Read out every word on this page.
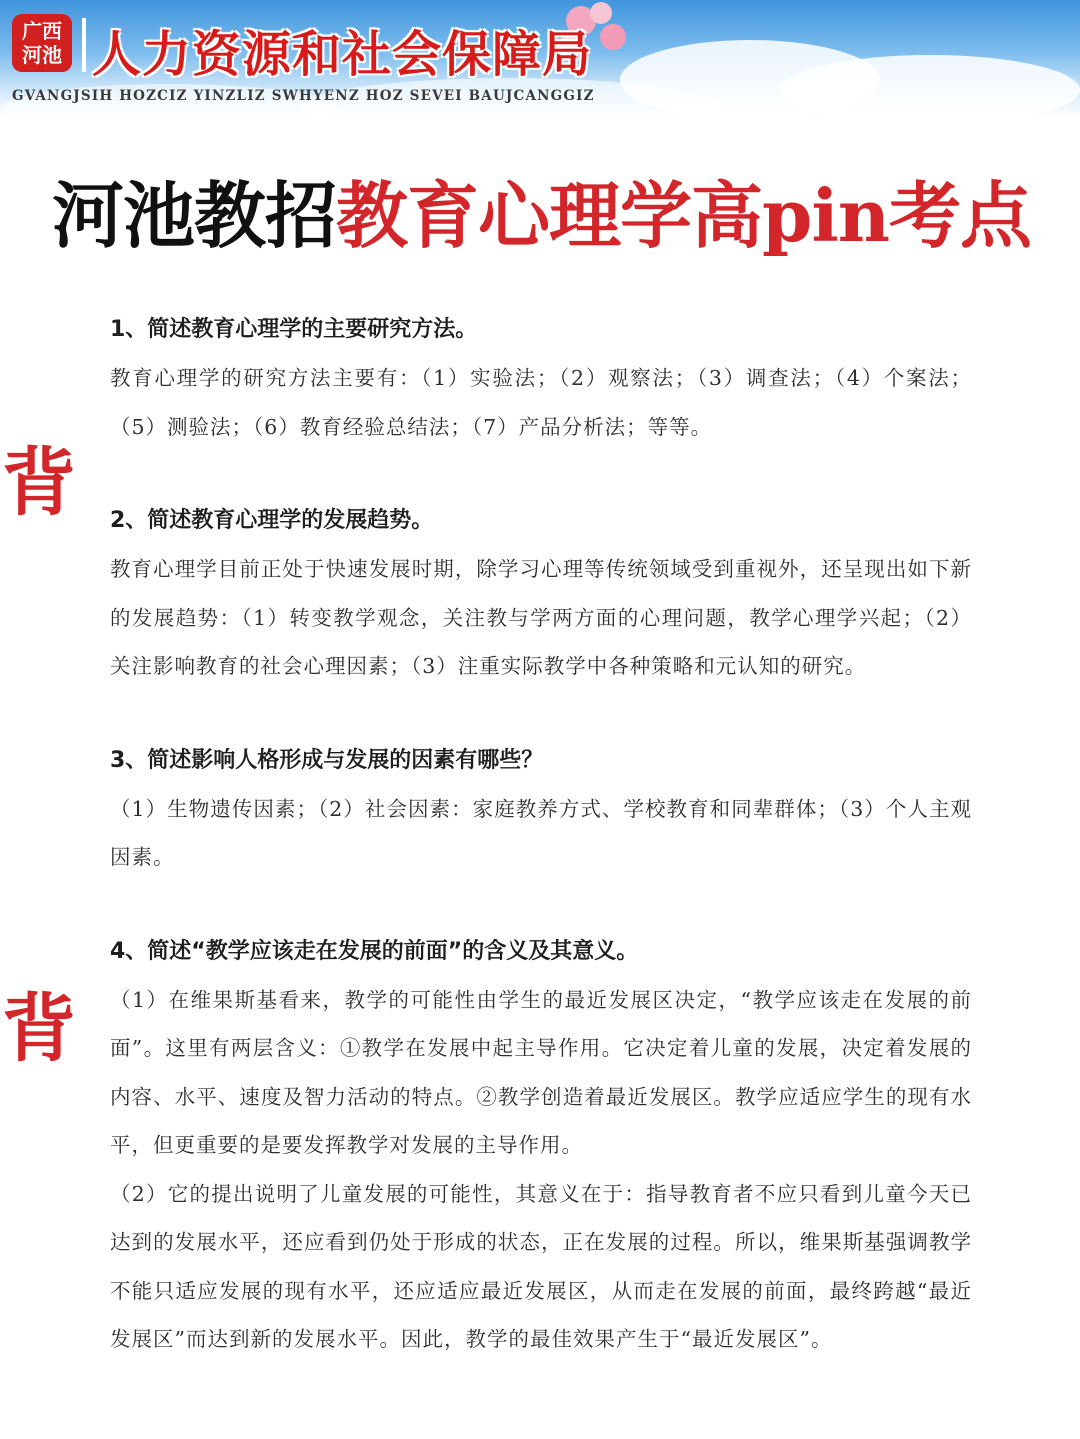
广西
河池 人力资源和社会保障局
GVANGJSIH HOZCIZ YINZLIZ SWHYENZ HOZ SEVEI BAUJCANGGIZ
河池教招教育心理学高pin考点
背
背

1、简述教育心理学的主要研究方法。

教育心理学的研究方法主要有：（1）实验法；（2）观察法；（3）调查法；（4）个案法；（5）测验法；（6）教育经验总结法；（7）产品分析法；等等。

2、简述教育心理学的发展趋势。

教育心理学目前正处于快速发展时期，除学习心理等传统领域受到重视外，还呈现出如下新的发展趋势：（1）转变教学观念，关注教与学两方面的心理问题，教学心理学兴起；（2）关注影响教育的社会心理因素；（3）注重实际教学中各种策略和元认知的研究。

3、简述影响人格形成与发展的因素有哪些？

（1）生物遗传因素；（2）社会因素：家庭教养方式、学校教育和同辈群体；（3）个人主观因素。

4、简述“教学应该走在发展的前面”的含义及其意义。

（1）在维果斯基看来，教学的可能性由学生的最近发展区决定，“教学应该走在发展的前面”。这里有两层含义：①教学在发展中起主导作用。它决定着儿童的发展，决定着发展的内容、水平、速度及智力活动的特点。②教学创造着最近发展区。教学应适应学生的现有水平，但更重要的是要发挥教学对发展的主导作用。

（2）它的提出说明了儿童发展的可能性，其意义在于：指导教育者不应只看到儿童今天已达到的发展水平，还应看到仍处于形成的状态，正在发展的过程。所以，维果斯基强调教学不能只适应发展的现有水平，还应适应最近发展区，从而走在发展的前面，最终跨越“最近发展区”而达到新的发展水平。因此，教学的最佳效果产生于“最近发展区”。
